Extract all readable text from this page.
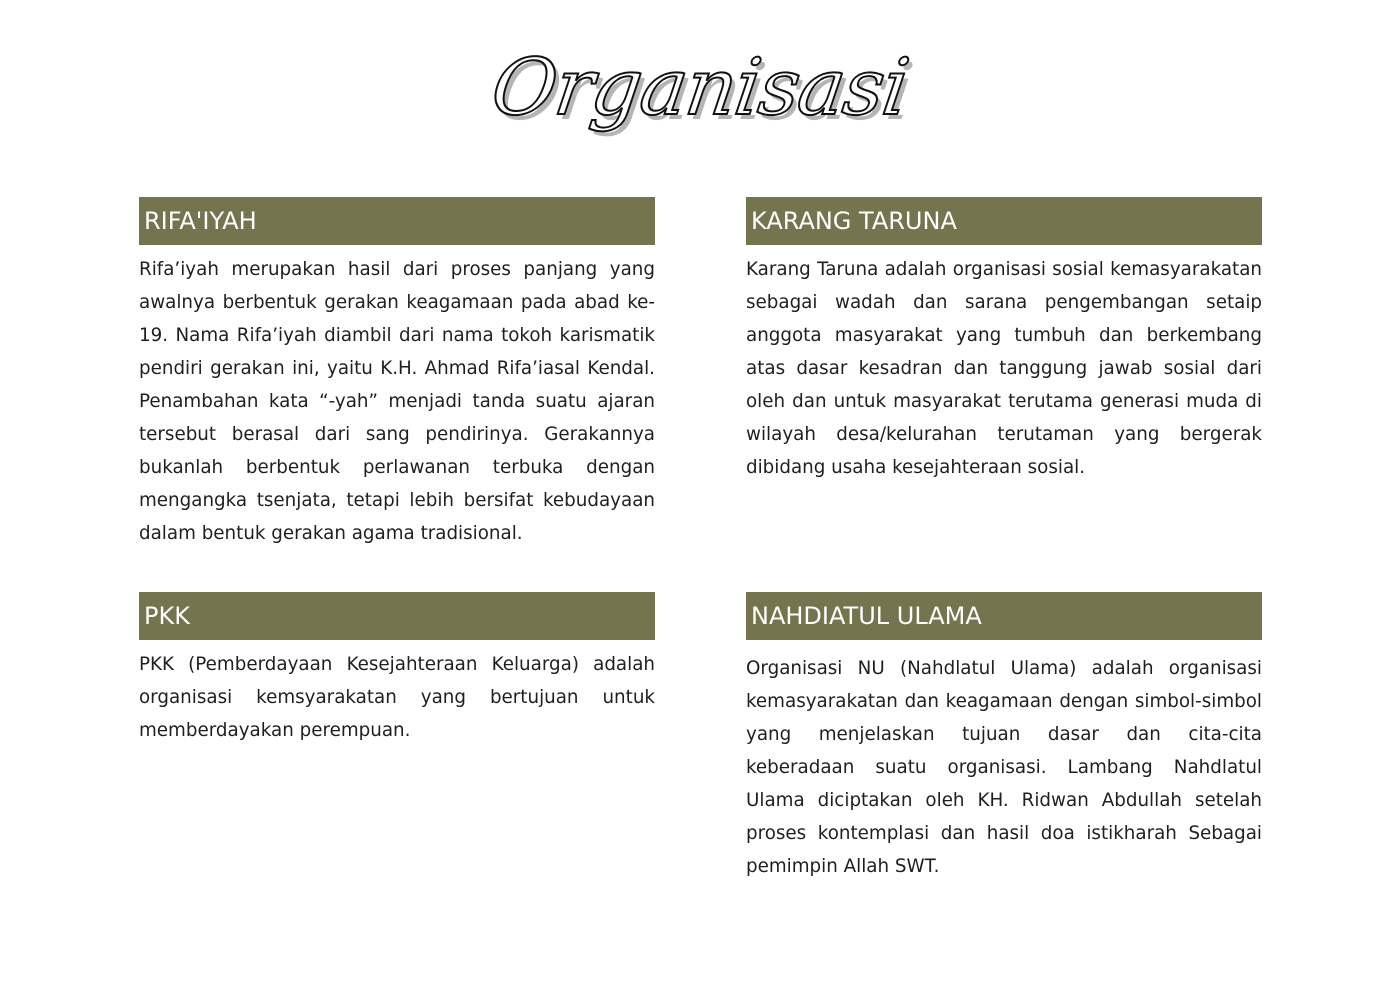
Organisasi
RIFA'IYAH

Rifa’iyah merupakan hasil dari proses panjang yang awalnya berbentuk gerakan keagamaan pada abad ke-19. Nama Rifa’iyah diambil dari nama tokoh karismatik pendiri gerakan ini, yaitu K.H. Ahmad Rifa’iasal Kendal. Penambahan kata “-yah” menjadi tanda suatu ajaran tersebut berasal dari sang pendirinya. Gerakannya bukanlah berbentuk perlawanan terbuka dengan mengangka tsenjata, tetapi lebih bersifat kebudayaan dalam bentuk gerakan agama tradisional.

KARANG TARUNA

Karang Taruna adalah organisasi sosial kemasyarakatan sebagai wadah dan sarana pengembangan setaip anggota masyarakat yang tumbuh dan berkembang atas dasar kesadran dan tanggung jawab sosial dari oleh dan untuk masyarakat terutama generasi muda di wilayah desa/kelurahan terutaman yang bergerak dibidang usaha kesejahteraan sosial.

PKK

PKK (Pemberdayaan Kesejahteraan Keluarga) adalah organisasi kemsyarakatan yang bertujuan untuk memberdayakan perempuan.

NAHDIATUL ULAMA

Organisasi NU (Nahdlatul Ulama) adalah organisasi kemasyarakatan dan keagamaan dengan simbol-simbol yang menjelaskan tujuan dasar dan cita-cita keberadaan suatu organisasi. Lambang Nahdlatul Ulama diciptakan oleh KH. Ridwan Abdullah setelah proses kontemplasi dan hasil doa istikharah Sebagai pemimpin Allah SWT.
